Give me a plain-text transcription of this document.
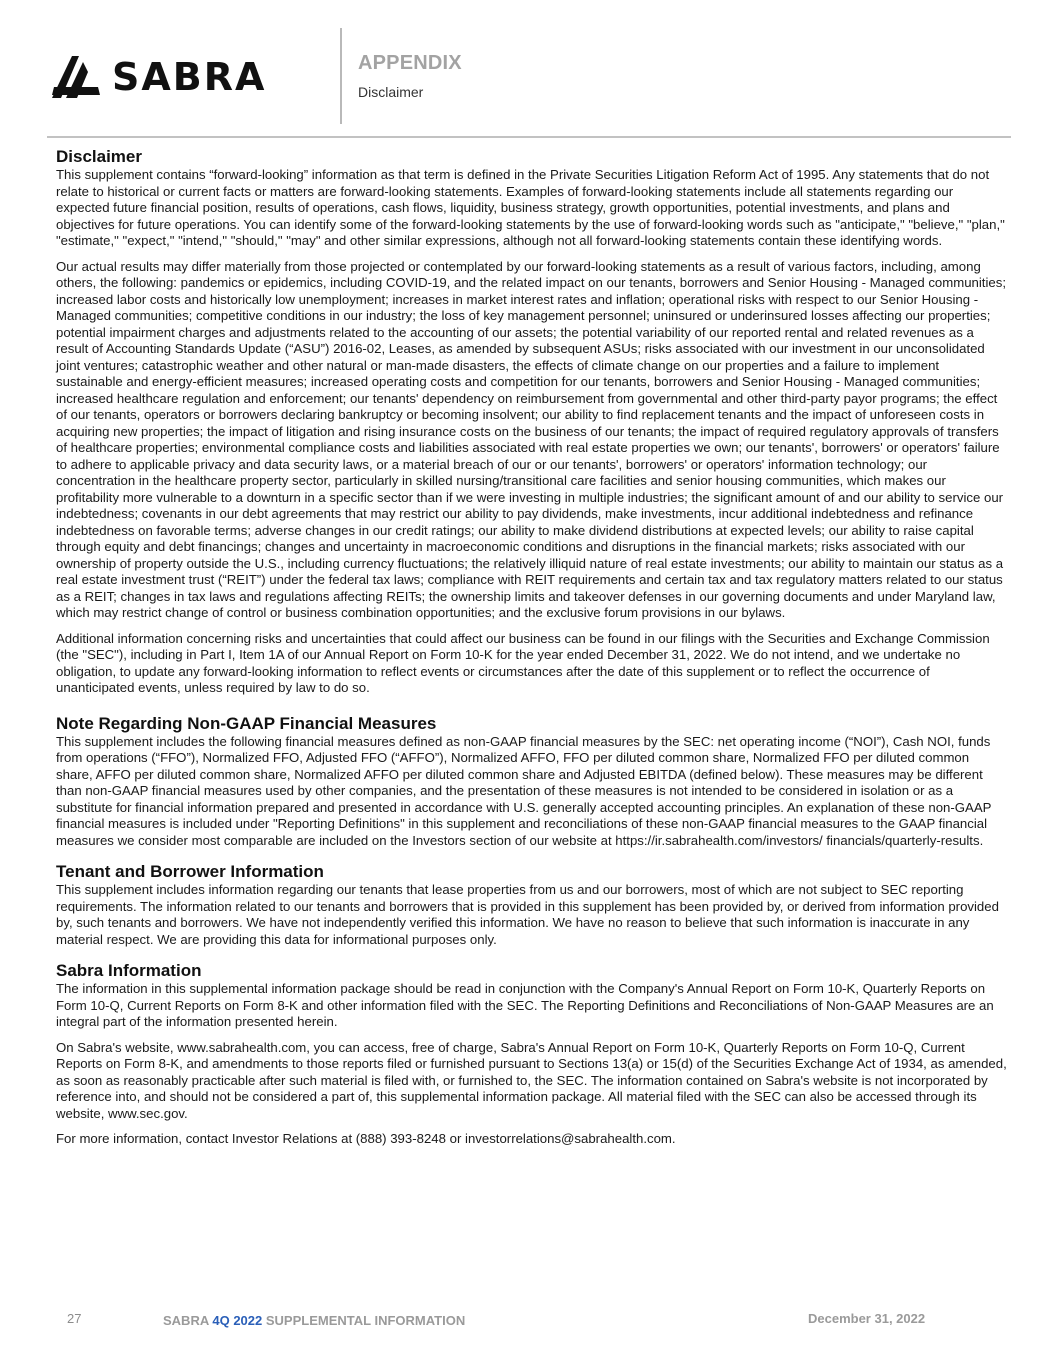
SABRA	APPENDIX
Disclaimer
Disclaimer

This supplement contains “forward-looking” information as that term is defined in the Private Securities Litigation Reform Act of 1995. Any statements that do not relate to historical or current facts or matters are forward-looking statements. Examples of forward-looking statements include all statements regarding our expected future financial position, results of operations, cash flows, liquidity, business strategy, growth opportunities, potential investments, and plans and objectives for future operations. You can identify some of the forward-looking statements by the use of forward-looking words such as "anticipate," "believe," "plan," "estimate," "expect," "intend," "should," "may" and other similar expressions, although not all forward-looking statements contain these identifying words.

Our actual results may differ materially from those projected or contemplated by our forward-looking statements as a result of various factors, including, among others, the following: pandemics or epidemics, including COVID-19, and the related impact on our tenants, borrowers and Senior Housing - Managed communities; increased labor costs and historically low unemployment; increases in market interest rates and inflation; operational risks with respect to our Senior Housing - Managed communities; competitive conditions in our industry; the loss of key management personnel; uninsured or underinsured losses affecting our properties; potential impairment charges and adjustments related to the accounting of our assets; the potential variability of our reported rental and related revenues as a result of Accounting Standards Update (“ASU”) 2016-02, Leases, as amended by subsequent ASUs; risks associated with our investment in our unconsolidated joint ventures; catastrophic weather and other natural or man-made disasters, the effects of climate change on our properties and a failure to implement sustainable and energy-efficient measures; increased operating costs and competition for our tenants, borrowers and Senior Housing - Managed communities; increased healthcare regulation and enforcement; our tenants' dependency on reimbursement from governmental and other third-party payor programs; the effect of our tenants, operators or borrowers declaring bankruptcy or becoming insolvent; our ability to find replacement tenants and the impact of unforeseen costs in acquiring new properties; the impact of litigation and rising insurance costs on the business of our tenants; the impact of required regulatory approvals of transfers of healthcare properties; environmental compliance costs and liabilities associated with real estate properties we own; our tenants', borrowers' or operators' failure to adhere to applicable privacy and data security laws, or a material breach of our or our tenants', borrowers' or operators' information technology; our concentration in the healthcare property sector, particularly in skilled nursing/transitional care facilities and senior housing communities, which makes our profitability more vulnerable to a downturn in a specific sector than if we were investing in multiple industries; the significant amount of and our ability to service our indebtedness; covenants in our debt agreements that may restrict our ability to pay dividends, make investments, incur additional indebtedness and refinance indebtedness on favorable terms; adverse changes in our credit ratings; our ability to make dividend distributions at expected levels; our ability to raise capital through equity and debt financings; changes and uncertainty in macroeconomic conditions and disruptions in the financial markets; risks associated with our ownership of property outside the U.S., including currency fluctuations; the relatively illiquid nature of real estate investments; our ability to maintain our status as a real estate investment trust (“REIT”) under the federal tax laws; compliance with REIT requirements and certain tax and tax regulatory matters related to our status as a REIT; changes in tax laws and regulations affecting REITs; the ownership limits and takeover defenses in our governing documents and under Maryland law, which may restrict change of control or business combination opportunities; and the exclusive forum provisions in our bylaws.

Additional information concerning risks and uncertainties that could affect our business can be found in our filings with the Securities and Exchange Commission (the "SEC"), including in Part I, Item 1A of our Annual Report on Form 10-K for the year ended December 31, 2022. We do not intend, and we undertake no obligation, to update any forward-looking information to reflect events or circumstances after the date of this supplement or to reflect the occurrence of unanticipated events, unless required by law to do so.

Note Regarding Non-GAAP Financial Measures

This supplement includes the following financial measures defined as non-GAAP financial measures by the SEC: net operating income (“NOI”), Cash NOI, funds from operations (“FFO”), Normalized FFO, Adjusted FFO (“AFFO”), Normalized AFFO, FFO per diluted common share, Normalized FFO per diluted common share, AFFO per diluted common share, Normalized AFFO per diluted common share and Adjusted EBITDA (defined below). These measures may be different than non-GAAP financial measures used by other companies, and the presentation of these measures is not intended to be considered in isolation or as a substitute for financial information prepared and presented in accordance with U.S. generally accepted accounting principles. An explanation of these non-GAAP financial measures is included under "Reporting Definitions" in this supplement and reconciliations of these non-GAAP financial measures to the GAAP financial measures we consider most comparable are included on the Investors section of our website at https://ir.sabrahealth.com/investors/ financials/quarterly-results.

Tenant and Borrower Information

This supplement includes information regarding our tenants that lease properties from us and our borrowers, most of which are not subject to SEC reporting requirements. The information related to our tenants and borrowers that is provided in this supplement has been provided by, or derived from information provided by, such tenants and borrowers. We have not independently verified this information. We have no reason to believe that such information is inaccurate in any material respect. We are providing this data for informational purposes only.

Sabra Information

The information in this supplemental information package should be read in conjunction with the Company's Annual Report on Form 10-K, Quarterly Reports on Form 10-Q, Current Reports on Form 8-K and other information filed with the SEC. The Reporting Definitions and Reconciliations of Non-GAAP Measures are an integral part of the information presented herein.

On Sabra's website, www.sabrahealth.com, you can access, free of charge, Sabra's Annual Report on Form 10-K, Quarterly Reports on Form 10-Q, Current Reports on Form 8-K, and amendments to those reports filed or furnished pursuant to Sections 13(a) or 15(d) of the Securities Exchange Act of 1934, as amended, as soon as reasonably practicable after such material is filed with, or furnished to, the SEC. The information contained on Sabra's website is not incorporated by reference into, and should not be considered a part of, this supplemental information package. All material filed with the SEC can also be accessed through its website, www.sec.gov.

For more information, contact Investor Relations at (888) 393-8248 or investorrelations@sabrahealth.com.

27	SABRA 4Q 2022 SUPPLEMENTAL INFORMATION	December 31, 2022
